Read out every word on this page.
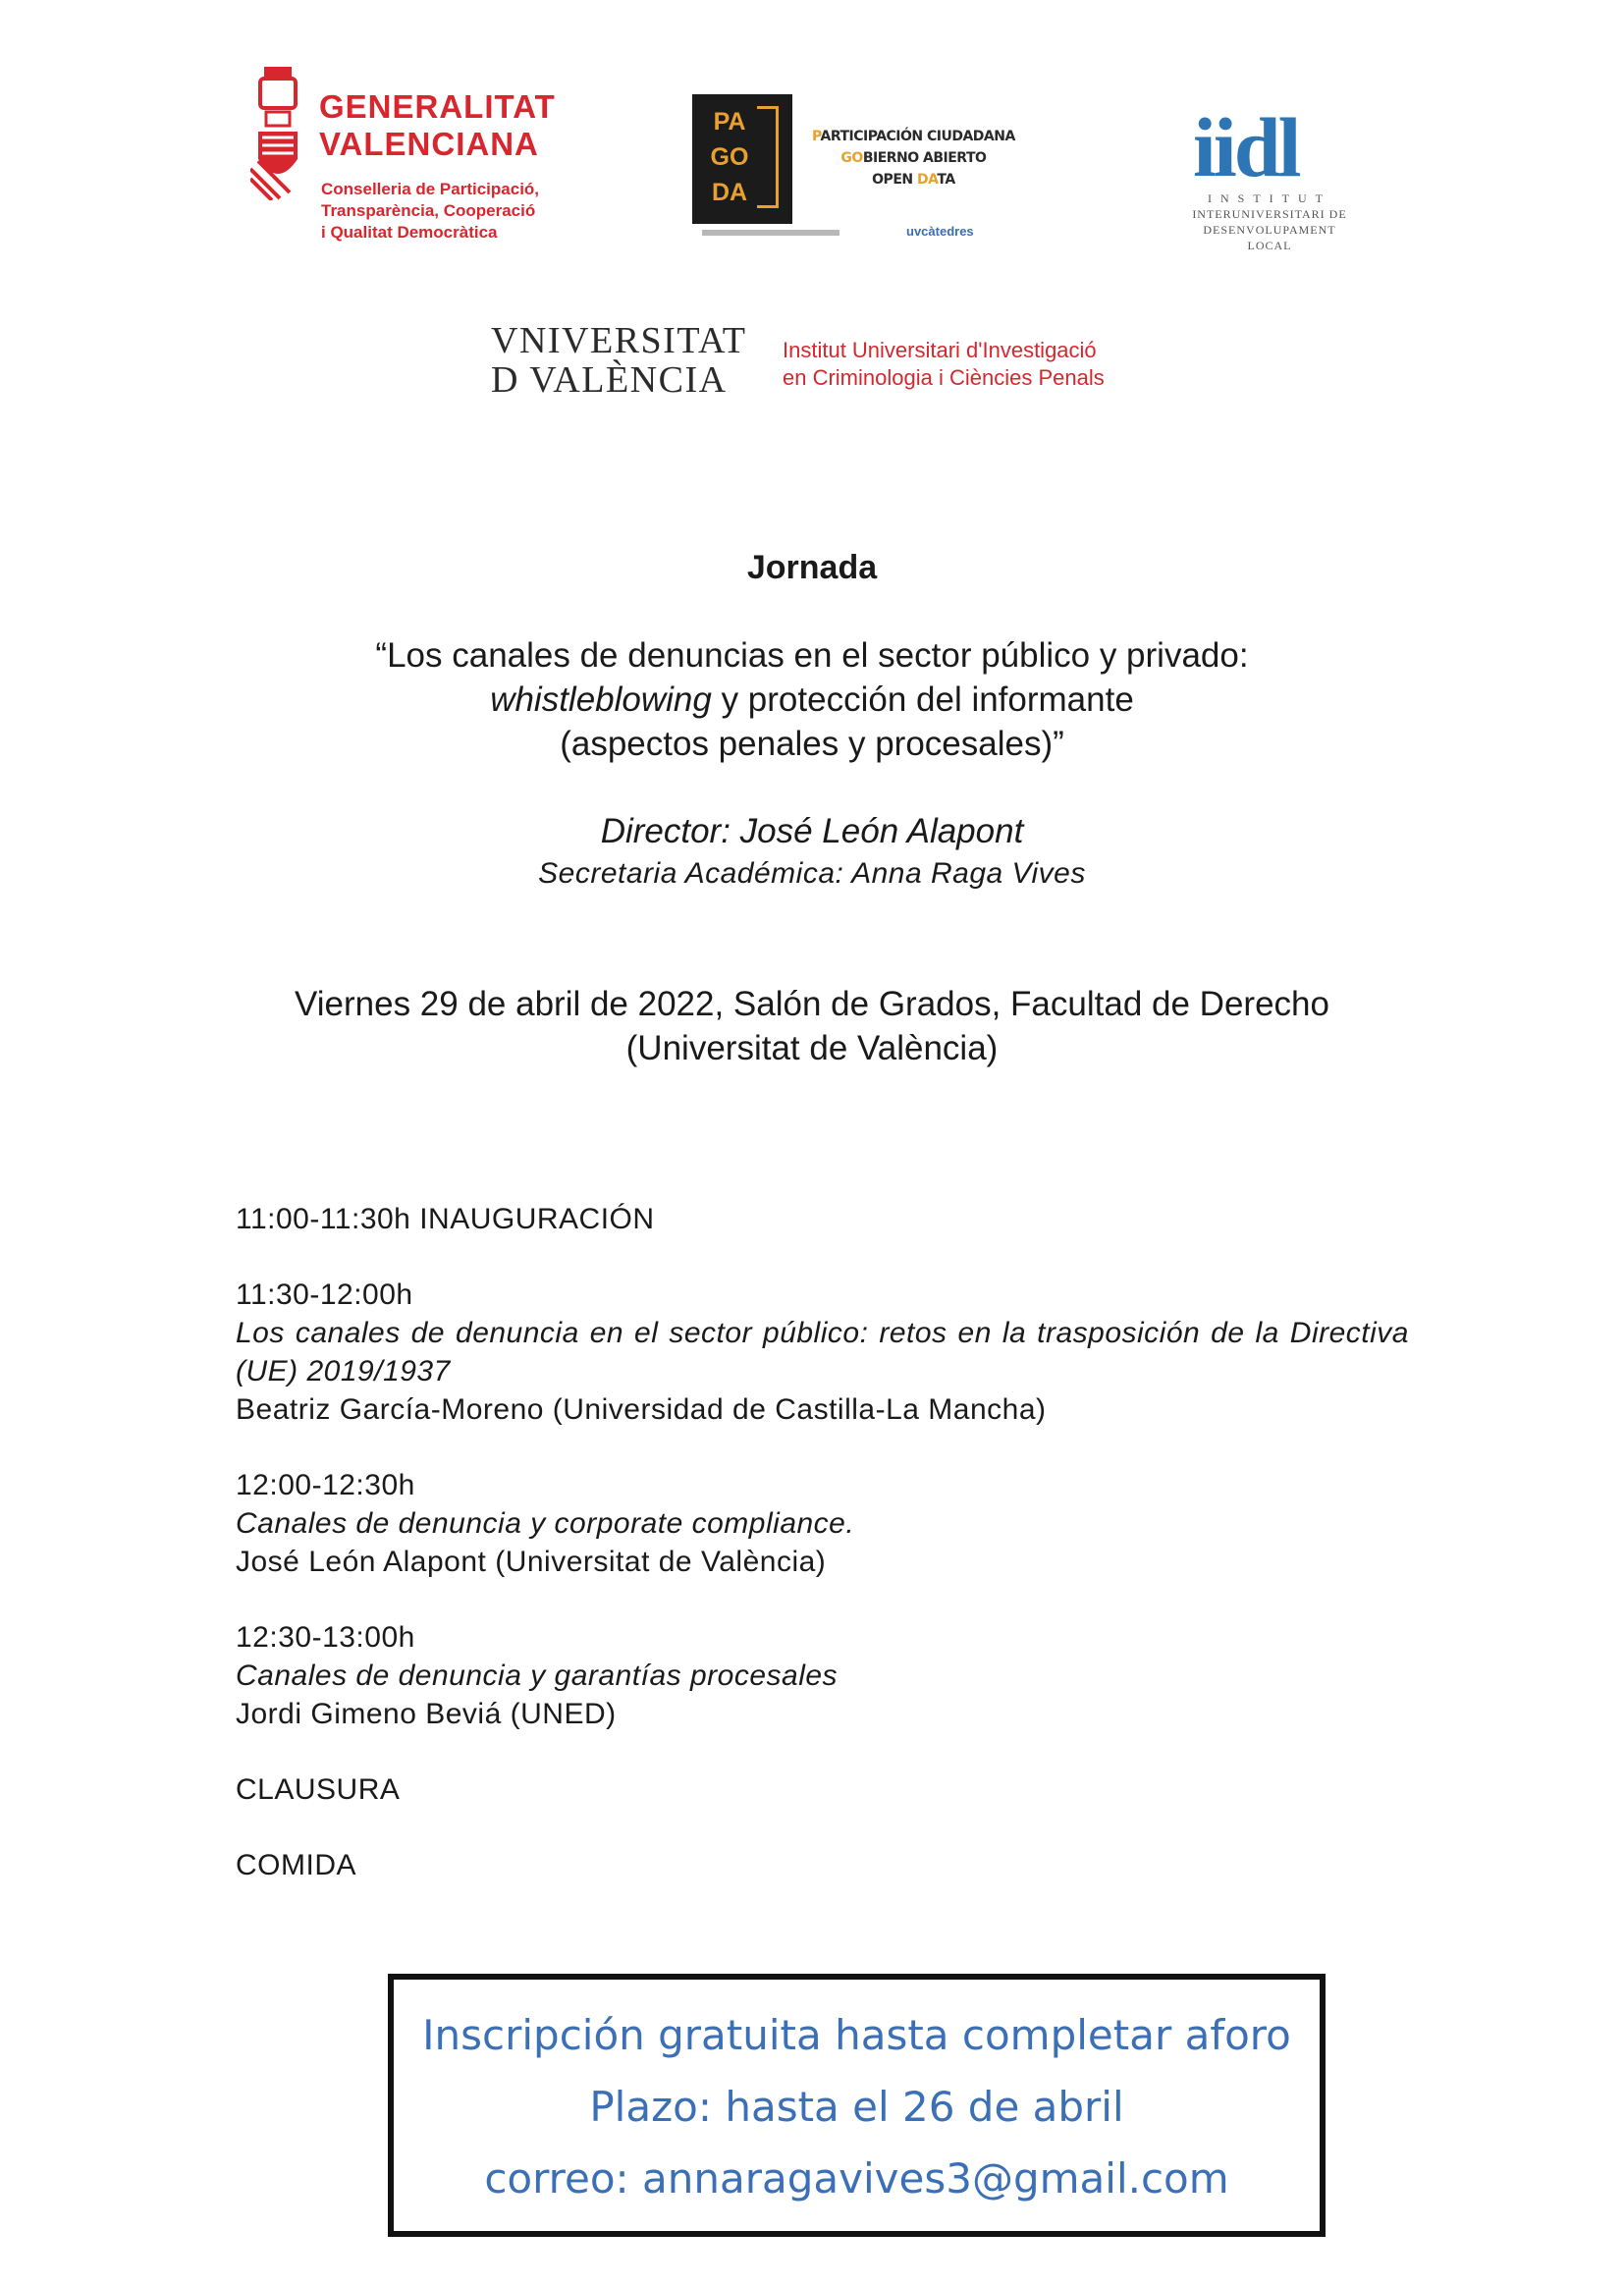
GENERALITAT
VALENCIANA
Conselleria de Participació,
Transparència, Cooperació
i Qualitat Democràtica
PA
GO
DA
PARTICIPACIÓN CIUDADANA
GOBIERNO ABIERTO
OPEN DATA
uvcàtedres
iidl
INSTITUT
INTERUNIVERSITARI DE
DESENVOLUPAMENT LOCAL
VNIVERSITAT
D VALÈNCIA
Institut Universitari d'Investigació
en Criminologia i Ciències Penals
Jornada
“Los canales de denuncias en el sector público y privado:
whistleblowing y protección del informante
(aspectos penales y procesales)”
Director: José León Alapont
Secretaria Académica: Anna Raga Vives
Viernes 29 de abril de 2022, Salón de Grados, Facultad de Derecho
(Universitat de València)
11:00-11:30h INAUGURACIÓN
11:30-12:00h
Los canales de denuncia en el sector público: retos en la trasposición de la Directiva (UE) 2019/1937
Beatriz García-Moreno (Universidad de Castilla-La Mancha)
12:00-12:30h
Canales de denuncia y corporate compliance.
José León Alapont (Universitat de València)
12:30-13:00h
Canales de denuncia y garantías procesales
Jordi Gimeno Beviá (UNED)
CLAUSURA
COMIDA
Inscripción gratuita hasta completar aforo
Plazo: hasta el 26 de abril
correo: annaragavives3@gmail.com
